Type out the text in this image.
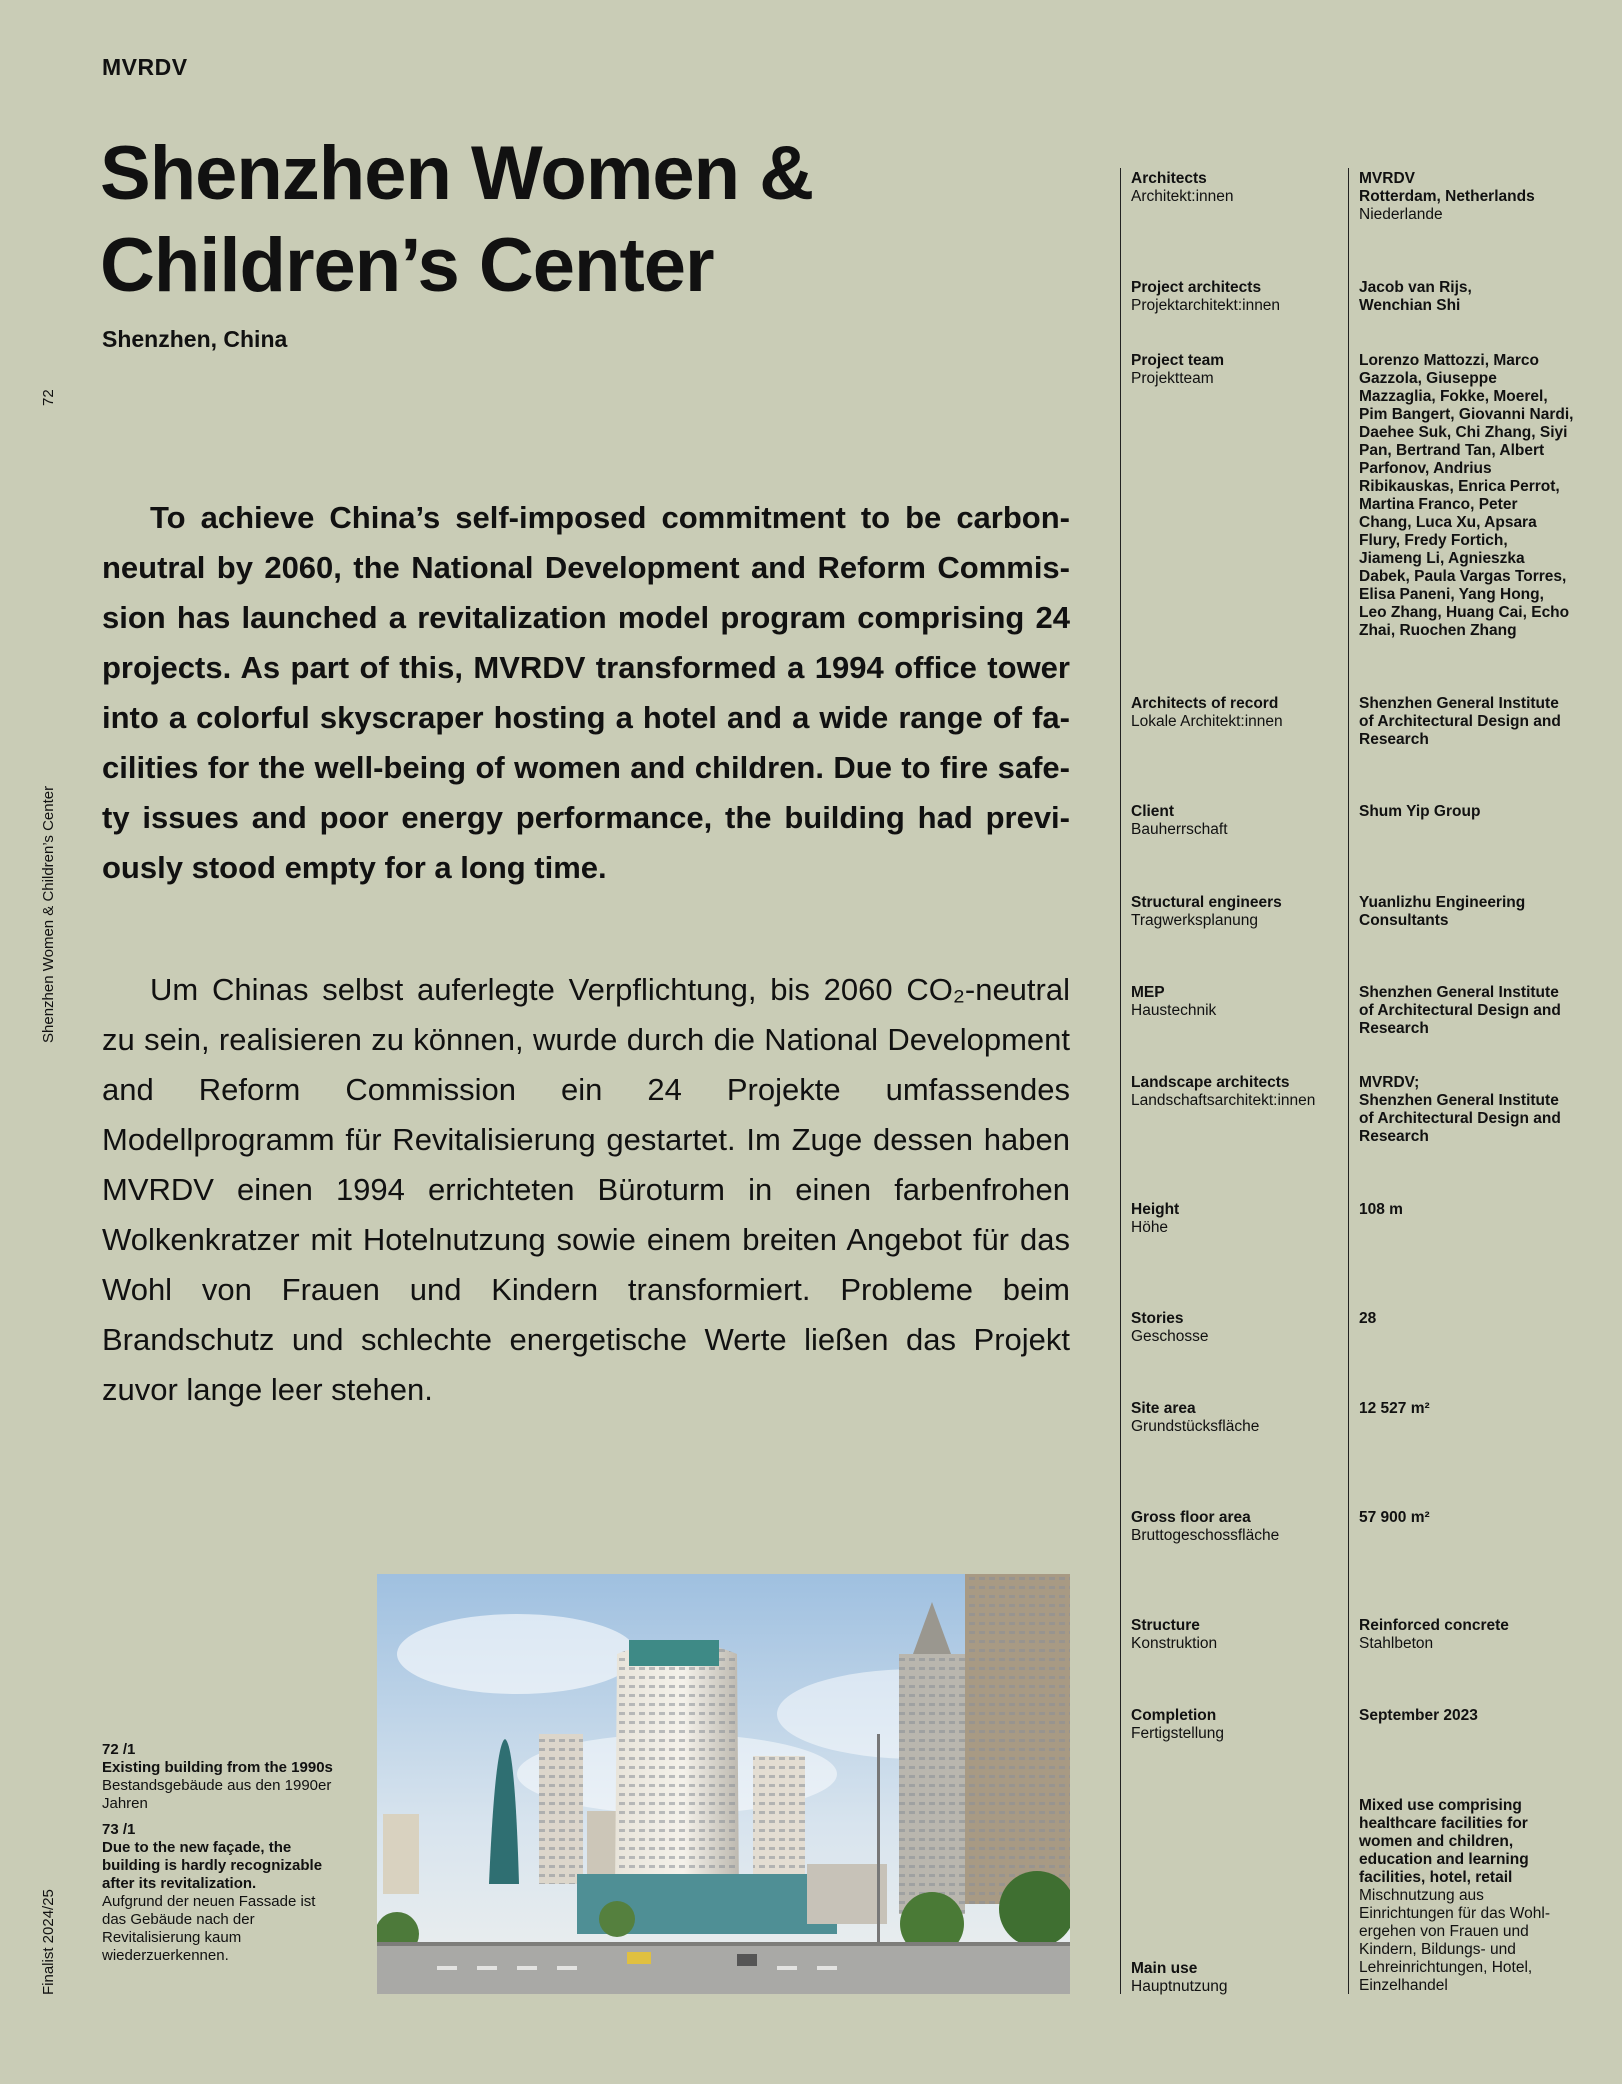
MVRDV
Shenzhen Women &
Children’s Center
Shenzhen, China
72
Shenzhen Women & Children’s Center
Finalist 2024/25

To achieve China’s self-imposed commitment to be carbon-neutral by 2060, the National Development and Reform Commission has launched a revitalization model program comprising 24 projects. As part of this, MVRDV transformed a 1994 office tower into a colorful skyscraper hosting a hotel and a wide range of facilities for the well-being of women and children. Due to fire safety issues and poor energy performance, the building had previously stood empty for a long time.

Um Chinas selbst auferlegte Verpflichtung, bis 2060 CO₂-neutral zu sein, realisieren zu können, wurde durch die National Development and Reform Commission ein 24 Projekte umfassendes Modellprogramm für Revitalisierung gestartet. Im Zuge dessen haben MVRDV einen 1994 errichteten Büroturm in einen farbenfrohen Wolkenkratzer mit Hotelnutzung sowie einem breiten Angebot für das Wohl von Frauen und Kindern transformiert. Probleme beim Brandschutz und schlechte energetische Werte ließen das Projekt zuvor lange leer stehen.

72 /1
Existing building from the 1990s
Bestandsgebäude aus den 1990er Jahren
73 /1
Due to the new façade, the building is hardly recognizable after its revitalization.
Aufgrund der neuen Fassade ist das Gebäude nach der Revitalisierung kaum wiederzuerkennen.
Architects
Architekt:innen
MVRDV
Rotterdam, Netherlands
Niederlande
Project architects
Projektarchitekt:innen
Jacob van Rijs,
Wenchian Shi
Project team
Projektteam
Lorenzo Mattozzi, Marco Gazzola, Giuseppe Mazzaglia, Fokke, Moerel, Pim Bangert, Giovanni Nardi, Daehee Suk, Chi Zhang, Siyi Pan, Bertrand Tan, Albert Parfonov, Andrius Ribikauskas, Enrica Perrot, Martina Franco, Peter Chang, Luca Xu, Apsara Flury, Fredy Fortich, Jiameng Li, Agnieszka Dabek, Paula Vargas Torres, Elisa Paneni, Yang Hong, Leo Zhang, Huang Cai, Echo Zhai, Ruochen Zhang
Architects of record
Lokale Architekt:innen
Shenzhen General Institute of Architectural Design and Research
Client
Bauherrschaft
Shum Yip Group
Structural engineers
Tragwerksplanung
Yuanlizhu Engineering Consultants
MEP
Haustechnik
Shenzhen General Institute of Architectural Design and Research
Landscape architects
Landschaftsarchitekt:innen
MVRDV;
Shenzhen General Institute of Architectural Design and Research
Height
Höhe
108 m
Stories
Geschosse
28
Site area
Grundstücksfläche
12 527 m²
Gross floor area
Bruttogeschossfläche
57 900 m²
Structure
Konstruktion
Reinforced concrete
Stahlbeton
Completion
Fertigstellung
September 2023
Main use
Hauptnutzung
Mixed use comprising healthcare facilities for women and children, education and learning facilities, hotel, retail
Mischnutzung aus Einrichtungen für das Wohlergehen von Frauen und Kindern, Bildungs- und Lehreinrichtungen, Hotel, Einzelhandel
